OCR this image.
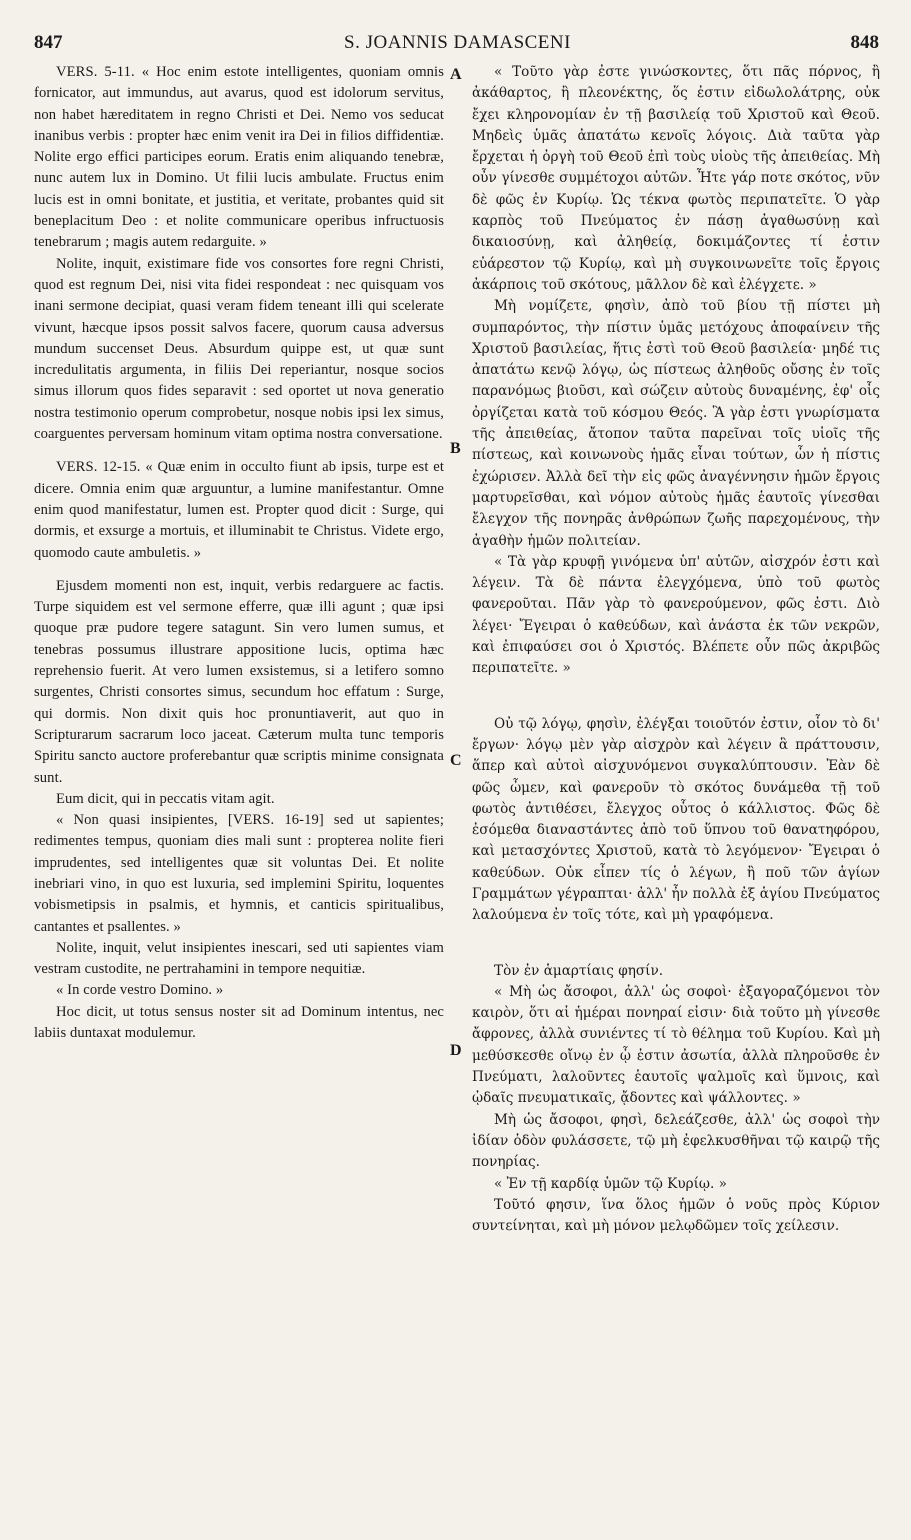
847	S. JOANNIS DAMASCENI	848

VERS. 5-11. « Hoc enim estote intelligentes, quoniam omnis fornicator, aut immundus, aut avarus, quod est idolorum servitus, non habet hæreditatem in regno Christi et Dei. Nemo vos seducat inanibus verbis : propter hæc enim venit ira Dei in filios diffidentiæ. Nolite ergo effici participes eorum. Eratis enim aliquando tenebræ, nunc autem lux in Domino. Ut filii lucis ambulate. Fructus enim lucis est in omni bonitate, et justitia, et veritate, probantes quid sit beneplacitum Deo : et nolite communicare operibus infructuosis tenebrarum ; magis autem redarguite. »

Nolite, inquit, existimare fide vos consortes fore regni Christi, quod est regnum Dei, nisi vita fidei respondeat : nec quisquam vos inani sermone decipiat, quasi veram fidem teneant illi qui scelerate vivunt, hæcque ipsos possit salvos facere, quorum causa adversus mundum succenset Deus. Absurdum quippe est, ut quæ sunt incredulitatis argumenta, in filiis Dei reperiantur, nosque socios simus illorum quos fides separavit : sed oportet ut nova generatio nostra testimonio operum comprobetur, nosque nobis ipsi lex simus, coarguentes perversam hominum vitam optima nostra conversatione.

VERS. 12-15. « Quæ enim in occulto fiunt ab ipsis, turpe est et dicere. Omnia enim quæ arguuntur, a lumine manifestantur. Omne enim quod manifestatur, lumen est. Propter quod dicit : Surge, qui dormis, et exsurge a mortuis, et illuminabit te Christus. Videte ergo, quomodo caute ambuletis. »

Ejusdem momenti non est, inquit, verbis redarguere ac factis. Turpe siquidem est vel sermone efferre, quæ illi agunt ; quæ ipsi quoque præ pudore tegere satagunt. Sin vero lumen sumus, et tenebras possumus illustrare appositione lucis, optima hæc reprehensio fuerit. At vero lumen exsistemus, si a letifero somno surgentes, Christi consortes simus, secundum hoc effatum : Surge, qui dormis. Non dixit quis hoc pronuntiaverit, aut quo in Scripturarum sacrarum loco jaceat. Cæterum multa tunc temporis Spiritu sancto auctore proferebantur quæ scriptis minime consignata sunt.

Eum dicit, qui in peccatis vitam agit.

« Non quasi insipientes, [VERS. 16-19] sed ut sapientes; redimentes tempus, quoniam dies mali sunt : propterea nolite fieri imprudentes, sed intelligentes quæ sit voluntas Dei. Et nolite inebriari vino, in quo est luxuria, sed implemini Spiritu, loquentes vobismetipsis in psalmis, et hymnis, et canticis spiritualibus, cantantes et psallentes. »

Nolite, inquit, velut insipientes inescari, sed uti sapientes viam vestram custodite, ne pertrahamini in tempore nequitiæ.

« In corde vestro Domino. »

Hoc dicit, ut totus sensus noster sit ad Dominum intentus, nec labiis duntaxat modulemur.

A
B
C
D

« Τοῦτο γὰρ ἐστε γινώσκοντες, ὅτι πᾶς πόρνος, ἢ ἀκάθαρτος, ἢ πλεονέκτης, ὅς ἐστιν εἰδωλολάτρης, οὐκ ἔχει κληρονομίαν ἐν τῇ βασιλείᾳ τοῦ Χριστοῦ καὶ Θεοῦ. Μηδεὶς ὑμᾶς ἀπατάτω κενοῖς λόγοις. Διὰ ταῦτα γὰρ ἔρχεται ἡ ὀργὴ τοῦ Θεοῦ ἐπὶ τοὺς υἱοὺς τῆς ἀπειθείας. Μὴ οὖν γίνεσθε συμμέτοχοι αὐτῶν. Ἦτε γάρ ποτε σκότος, νῦν δὲ φῶς ἐν Κυρίῳ. Ὡς τέκνα φωτὸς περιπατεῖτε. Ὁ γὰρ καρπὸς τοῦ Πνεύματος ἐν πάσῃ ἀγαθωσύνῃ καὶ δικαιοσύνῃ, καὶ ἀληθείᾳ, δοκιμάζοντες τί ἐστιν εὐάρεστον τῷ Κυρίῳ, καὶ μὴ συγκοινωνεῖτε τοῖς ἔργοις ἀκάρποις τοῦ σκότους, μᾶλλον δὲ καὶ ἐλέγχετε. »

Μὴ νομίζετε, φησὶν, ἀπὸ τοῦ βίου τῇ πίστει μὴ συμπαρόντος, τὴν πίστιν ὑμᾶς μετόχους ἀποφαίνειν τῆς Χριστοῦ βασιλείας, ἥτις ἐστὶ τοῦ Θεοῦ βασιλεία· μηδέ τις ἀπατάτω κενῷ λόγῳ, ὡς πίστεως ἀληθοῦς οὔσης ἐν τοῖς παρανόμως βιοῦσι, καὶ σώζειν αὐτοὺς δυναμένης, ἐφ' οἷς ὀργίζεται κατὰ τοῦ κόσμου Θεός. Ἃ γὰρ ἐστι γνωρίσματα τῆς ἀπειθείας, ἄτοπον ταῦτα παρεῖναι τοῖς υἱοῖς τῆς πίστεως, καὶ κοινωνοὺς ἡμᾶς εἶναι τούτων, ὧν ἡ πίστις ἐχώρισεν. Ἀλλὰ δεῖ τὴν εἰς φῶς ἀναγέννησιν ἡμῶν ἔργοις μαρτυρεῖσθαι, καὶ νόμον αὐτοὺς ἡμᾶς ἑαυτοῖς γίνεσθαι ἔλεγχον τῆς πονηρᾶς ἀνθρώπων ζωῆς παρεχομένους, τὴν ἀγαθὴν ἡμῶν πολιτείαν.

« Τὰ γὰρ κρυφῇ γινόμενα ὑπ' αὐτῶν, αἰσχρόν ἐστι καὶ λέγειν. Τὰ δὲ πάντα ἐλεγχόμενα, ὑπὸ τοῦ φωτὸς φανεροῦται. Πᾶν γὰρ τὸ φανερούμενον, φῶς ἐστι. Διὸ λέγει· Ἔγειραι ὁ καθεύδων, καὶ ἀνάστα ἐκ τῶν νεκρῶν, καὶ ἐπιφαύσει σοι ὁ Χριστός. Βλέπετε οὖν πῶς ἀκριβῶς περιπατεῖτε. »

Οὐ τῷ λόγῳ, φησὶν, ἐλέγξαι τοιοῦτόν ἐστιν, οἷον τὸ δι' ἔργων· λόγῳ μὲν γὰρ αἰσχρὸν καὶ λέγειν ἃ πράττουσιν, ἅπερ καὶ αὐτοὶ αἰσχυνόμενοι συγκαλύπτουσιν. Ἐὰν δὲ φῶς ὦμεν, καὶ φανεροῦν τὸ σκότος δυνάμεθα τῇ τοῦ φωτὸς ἀντιθέσει, ἔλεγχος οὗτος ὁ κάλλιστος. Φῶς δὲ ἐσόμεθα διαναστάντες ἀπὸ τοῦ ὕπνου τοῦ θανατηφόρου, καὶ μετασχόντες Χριστοῦ, κατὰ τὸ λεγόμενον· Ἔγειραι ὁ καθεύδων. Οὐκ εἶπεν τίς ὁ λέγων, ἢ ποῦ τῶν ἁγίων Γραμμάτων γέγραπται· ἀλλ' ἦν πολλὰ ἐξ ἁγίου Πνεύματος λαλούμενα ἐν τοῖς τότε, καὶ μὴ γραφόμενα.

Τὸν ἐν ἁμαρτίαις φησίν.

« Μὴ ὡς ἄσοφοι, ἀλλ' ὡς σοφοὶ· ἐξαγοραζόμενοι τὸν καιρὸν, ὅτι αἱ ἡμέραι πονηραί εἰσιν· διὰ τοῦτο μὴ γίνεσθε ἄφρονες, ἀλλὰ συνιέντες τί τὸ θέλημα τοῦ Κυρίου. Καὶ μὴ μεθύσκεσθε οἴνῳ ἐν ᾧ ἐστιν ἀσωτία, ἀλλὰ πληροῦσθε ἐν Πνεύματι, λαλοῦντες ἑαυτοῖς ψαλμοῖς καὶ ὕμνοις, καὶ ᾠδαῖς πνευματικαῖς, ᾄδοντες καὶ ψάλλοντες. »

Μὴ ὡς ἄσοφοι, φησὶ, δελεάζεσθε, ἀλλ' ὡς σοφοὶ τὴν ἰδίαν ὁδὸν φυλάσσετε, τῷ μὴ ἐφελκυσθῆναι τῷ καιρῷ τῆς πονηρίας.

« Ἐν τῇ καρδίᾳ ὑμῶν τῷ Κυρίῳ. »

Τοῦτό φησιν, ἵνα ὅλος ἡμῶν ὁ νοῦς πρὸς Κύριον συντείνηται, καὶ μὴ μόνον μελῳδῶμεν τοῖς χείλεσιν.
